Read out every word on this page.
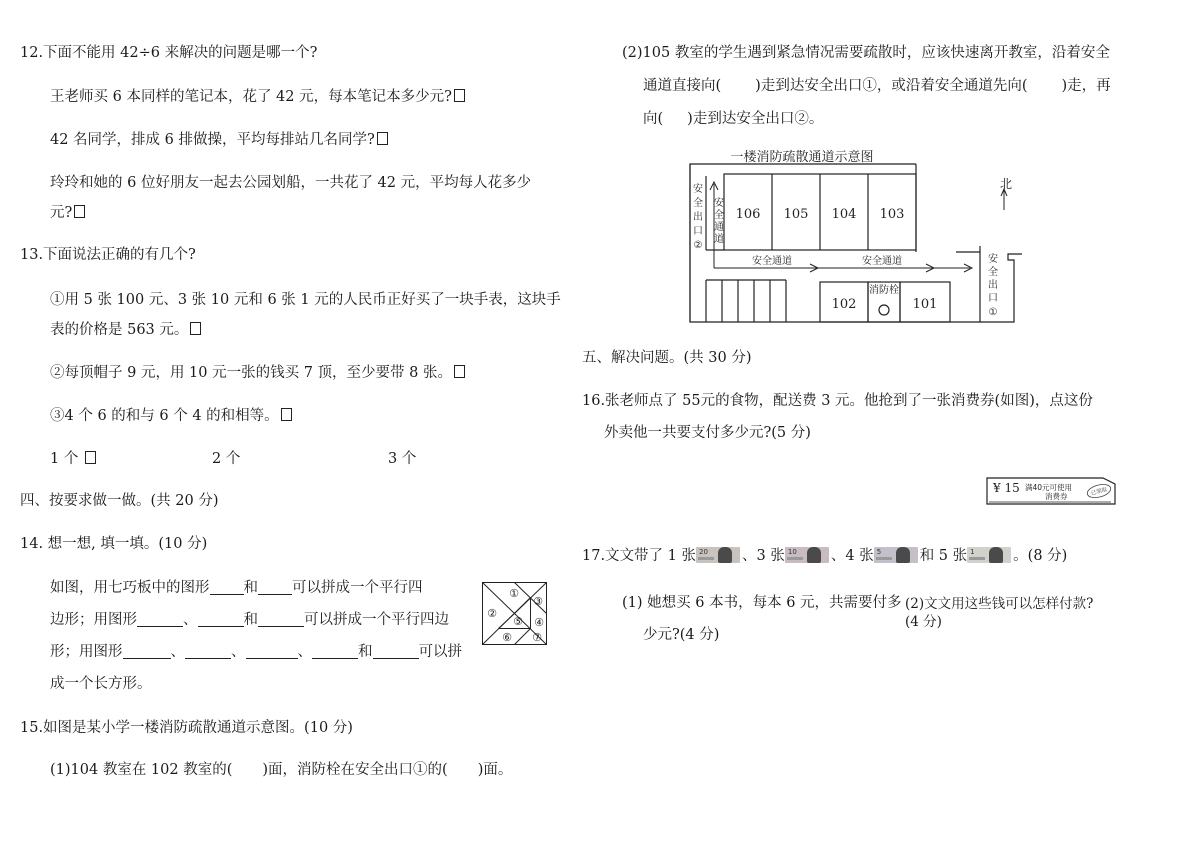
12.下面不能用 42÷6 来解决的问题是哪一个?
王老师买 6 本同样的笔记本，花了 42 元，每本笔记本多少元?
42 名同学，排成 6 排做操，平均每排站几名同学?
玲玲和她的 6 位好朋友一起去公园划船，一共花了 42 元，平均每人花多少
元?
13.下面说法正确的有几个?
①用 5 张 100 元、3 张 10 元和 6 张 1 元的人民币正好买了一块手表，这块手
表的价格是 563 元。
②每顶帽子 9 元，用 10 元一张的钱买 7 顶，至少要带 8 张。
③4 个 6 的和与 6 个 4 的和相等。
1 个	2 个	3 个
四、按要求做一做。(共 20 分)
14. 想一想, 填一填。(10 分)
如图，用七巧板中的图形 和 可以拼成一个平行四
边形；用图形	、	和	可以拼成一个平行四边
形；用图形	、	、	、	和	可以拼
成一个长方形。
①
②
③
④
⑤
⑥ ⑦
15.如图是某小学一楼消防疏散通道示意图。(10 分)
(1)104 教室在 102 教室的( )面，消防栓在安全出口①的( )面。
(2)105 教室的学生遇到紧急情况需要疏散时，应该快速离开教室，沿着安全
通道直接向( )走到达安全出口①，或沿着安全通道先向( )走，再
向( )走到达安全出口②。
一楼消防疏散通道示意图
北
安
全
出
口
②
安
全
通
道
安全通道	安全通道
消防栓
安
全
出
口
①
106 105 104 103
102	101
五、解决问题。(共 30 分)
16.张老师点了 55元的食物，配送费 3 元。他抢到了一张消费券(如图)，点这份
外卖他一共要支付多少元?(5 分)
¥ 15 满40元可使用
消费券	已领取
17.文文带了 1 张 20 、3 张 10 、4 张 5	和 5 张 1	。(8 分)
(1) 她想买 6 本书，每本 6 元，共需要付多
少元?(4 分)
(2)文文用这些钱可以怎样付款?
(4 分)
